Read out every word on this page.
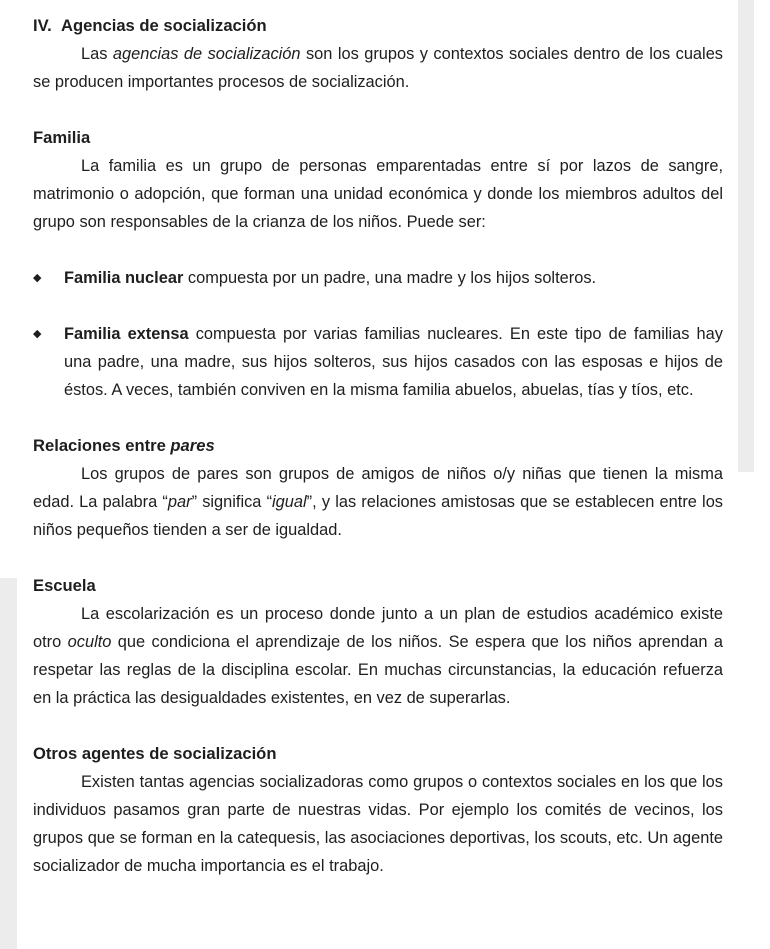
IV. Agencias de socialización

Las agencias de socialización son los grupos y contextos sociales dentro de los cuales se producen importantes procesos de socialización.

Familia

La familia es un grupo de personas emparentadas entre sí por lazos de sangre, matrimonio o adopción, que forman una unidad económica y donde los miembros adultos del grupo son responsables de la crianza de los niños. Puede ser:

◆ Familia nuclear compuesta por un padre, una madre y los hijos solteros.
◆ Familia extensa compuesta por varias familias nucleares. En este tipo de familias hay una padre, una madre, sus hijos solteros, sus hijos casados con las esposas e hijos de éstos. A veces, también conviven en la misma familia abuelos, abuelas, tías y tíos, etc.
Relaciones entre pares

Los grupos de pares son grupos de amigos de niños o/y niñas que tienen la misma edad. La palabra “par” significa “igual”, y las relaciones amistosas que se establecen entre los niños pequeños tienden a ser de igualdad.

Escuela

La escolarización es un proceso donde junto a un plan de estudios académico existe otro oculto que condiciona el aprendizaje de los niños. Se espera que los niños aprendan a respetar las reglas de la disciplina escolar. En muchas circunstancias, la educación refuerza en la práctica las desigualdades existentes, en vez de superarlas.

Otros agentes de socialización

Existen tantas agencias socializadoras como grupos o contextos sociales en los que los individuos pasamos gran parte de nuestras vidas. Por ejemplo los comités de vecinos, los grupos que se forman en la catequesis, las asociaciones deportivas, los scouts, etc. Un agente socializador de mucha importancia es el trabajo.
